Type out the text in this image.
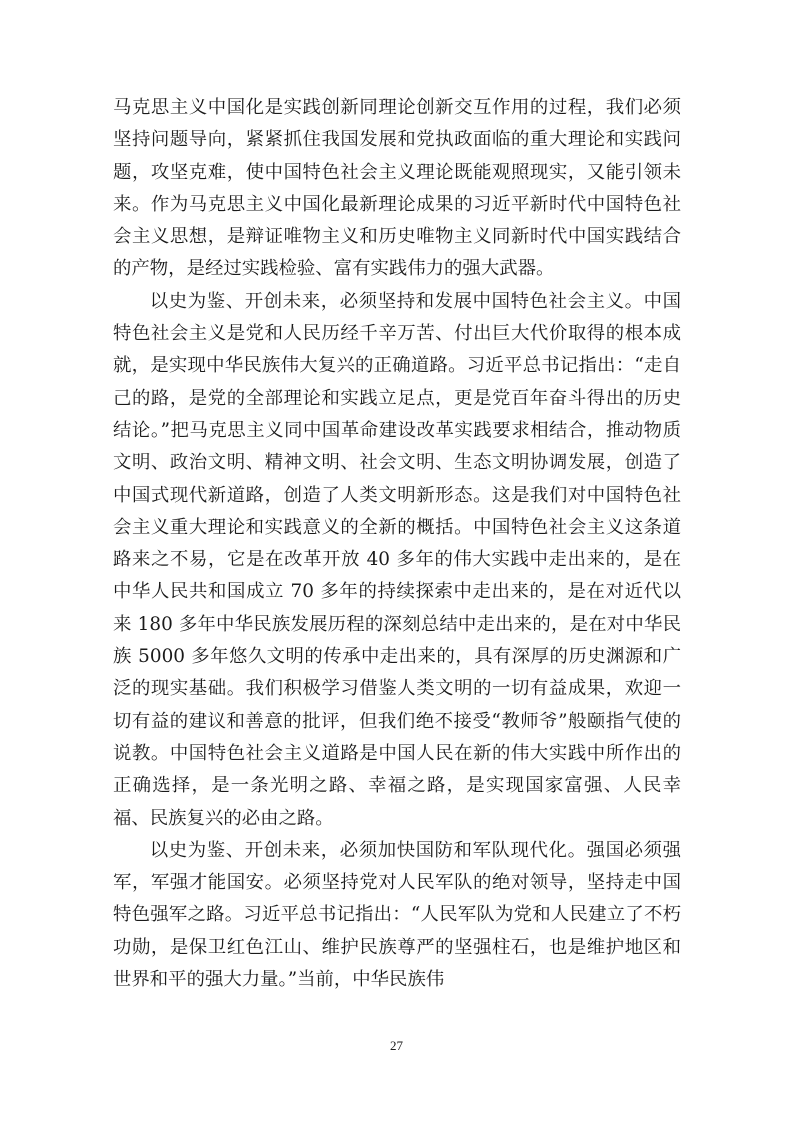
马克思主义中国化是实践创新同理论创新交互作用的过程，我们必须坚持问题导向，紧紧抓住我国发展和党执政面临的重大理论和实践问题，攻坚克难，使中国特色社会主义理论既能观照现实，又能引领未来。作为马克思主义中国化最新理论成果的习近平新时代中国特色社会主义思想，是辩证唯物主义和历史唯物主义同新时代中国实践结合的产物，是经过实践检验、富有实践伟力的强大武器。

以史为鉴、开创未来，必须坚持和发展中国特色社会主义。中国特色社会主义是党和人民历经千辛万苦、付出巨大代价取得的根本成就，是实现中华民族伟大复兴的正确道路。习近平总书记指出：“走自己的路，是党的全部理论和实践立足点，更是党百年奋斗得出的历史结论。”把马克思主义同中国革命建设改革实践要求相结合，推动物质文明、政治文明、精神文明、社会文明、生态文明协调发展，创造了中国式现代新道路，创造了人类文明新形态。这是我们对中国特色社会主义重大理论和实践意义的全新的概括。中国特色社会主义这条道路来之不易，它是在改革开放 40 多年的伟大实践中走出来的，是在中华人民共和国成立 70 多年的持续探索中走出来的，是在对近代以来 180 多年中华民族发展历程的深刻总结中走出来的，是在对中华民族 5000 多年悠久文明的传承中走出来的，具有深厚的历史渊源和广泛的现实基础。我们积极学习借鉴人类文明的一切有益成果，欢迎一切有益的建议和善意的批评，但我们绝不接受“教师爷”般颐指气使的说教。中国特色社会主义道路是中国人民在新的伟大实践中所作出的正确选择，是一条光明之路、幸福之路，是实现国家富强、人民幸福、民族复兴的必由之路。

以史为鉴、开创未来，必须加快国防和军队现代化。强国必须强军，军强才能国安。必须坚持党对人民军队的绝对领导，坚持走中国特色强军之路。习近平总书记指出：“人民军队为党和人民建立了不朽功勋，是保卫红色江山、维护民族尊严的坚强柱石，也是维护地区和世界和平的强大力量。”当前，中华民族伟

27
